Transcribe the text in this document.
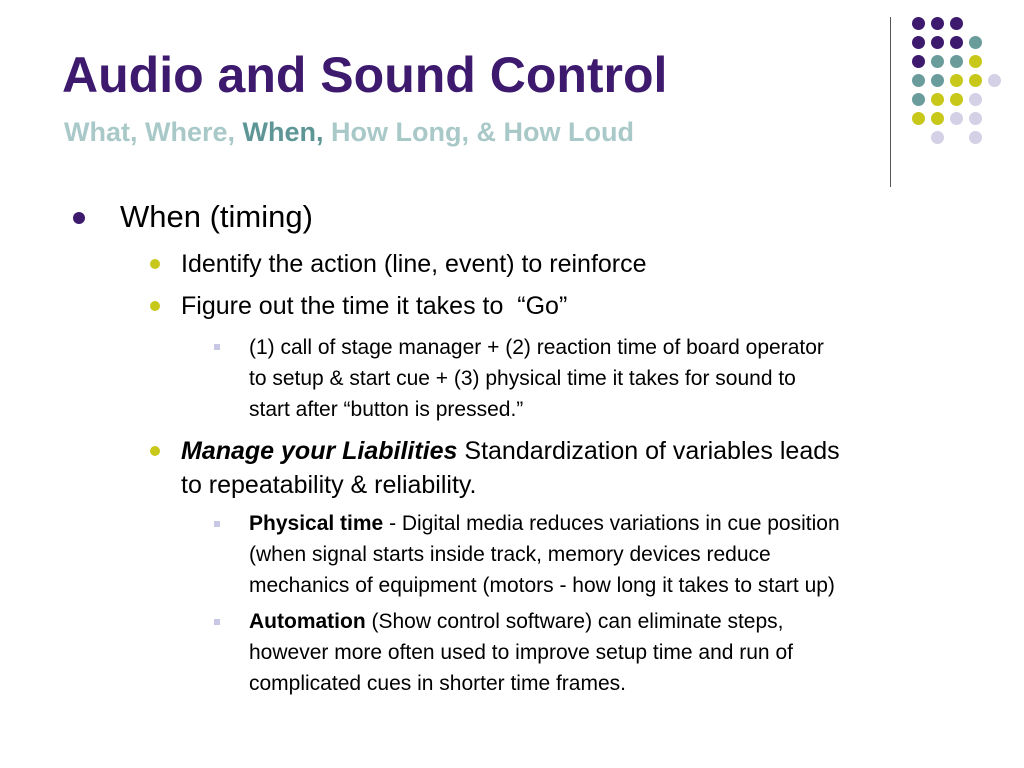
Audio and Sound Control
What, Where, When, How Long, & How Loud
When (timing)
Identify the action (line, event) to reinforce
Figure out the time it takes to  “Go”
(1) call of stage manager + (2) reaction time of board operator
to setup & start cue + (3) physical time it takes for sound to
start after “button is pressed.”
Manage your Liabilities Standardization of variables leads
to repeatability & reliability.
Physical time - Digital media reduces variations in cue position
(when signal starts inside track, memory devices reduce
mechanics of equipment (motors - how long it takes to start up)
Automation (Show control software) can eliminate steps,
however more often used to improve setup time and run of
complicated cues in shorter time frames.
